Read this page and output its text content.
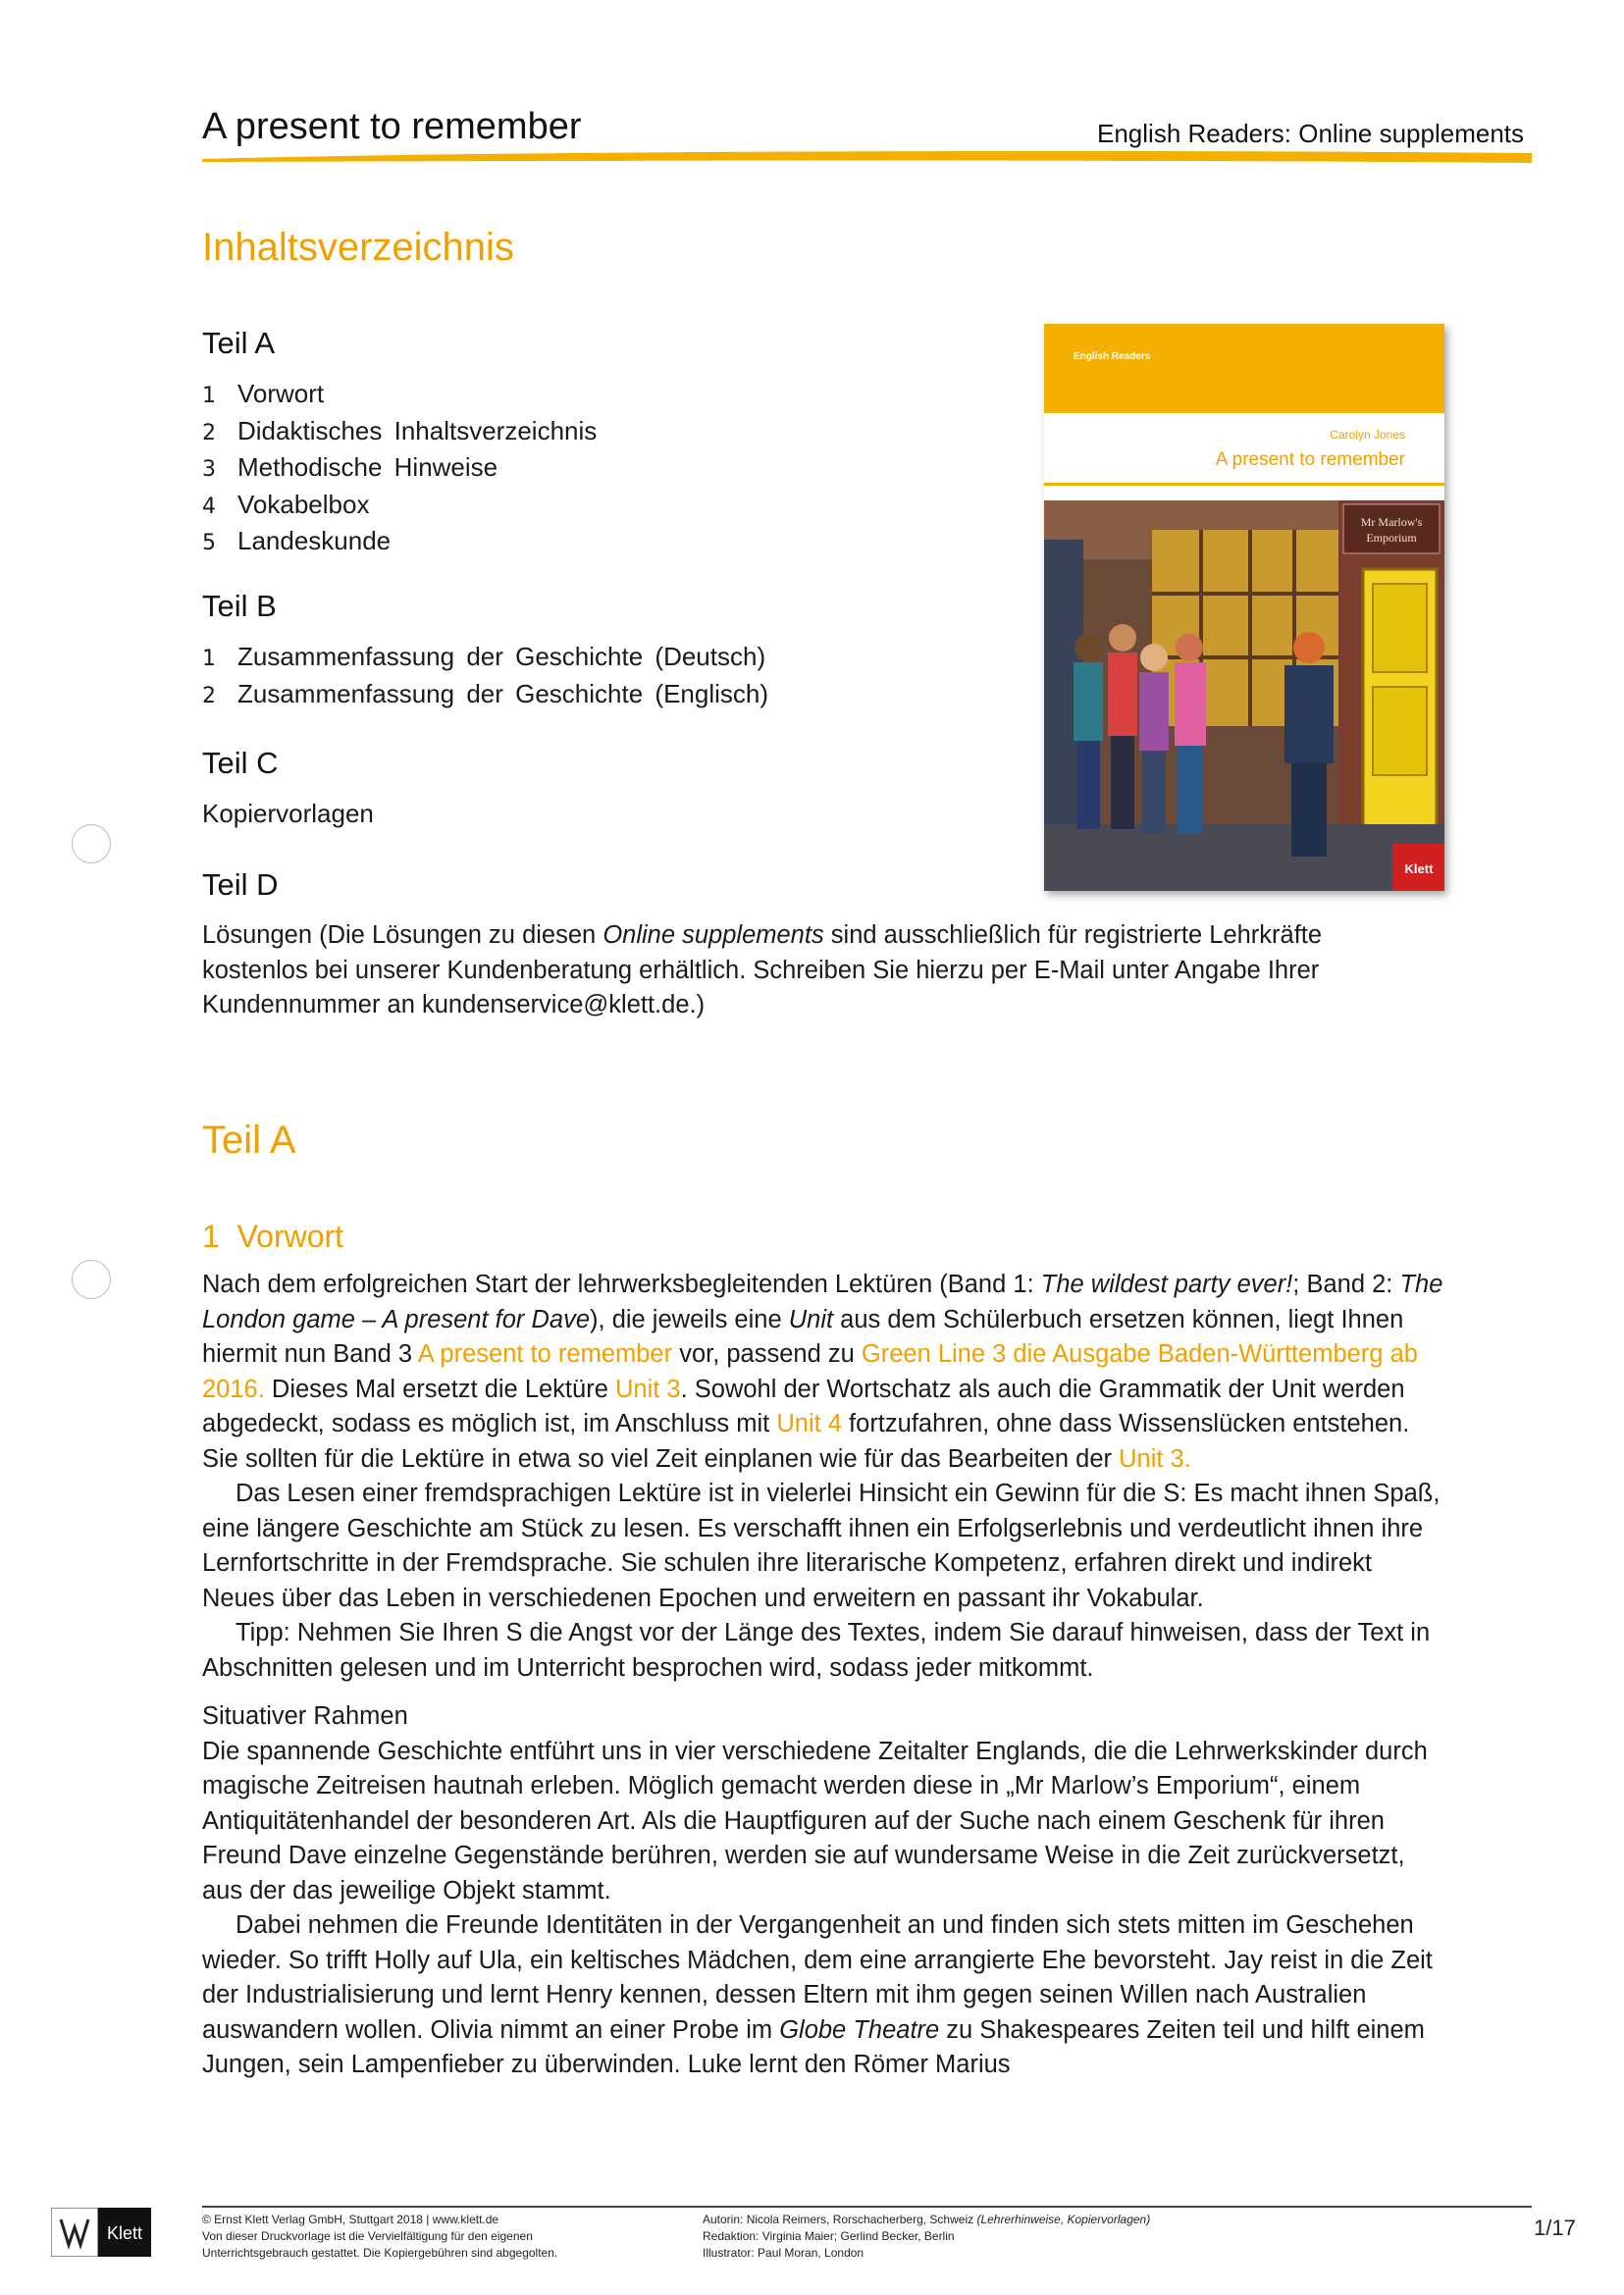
A present to remember	English Readers: Online supplements
Inhaltsverzeichnis
Teil A
1 Vorwort
2 Didaktisches Inhaltsverzeichnis
3 Methodische Hinweise
4 Vokabelbox
5 Landeskunde
Teil B
1 Zusammenfassung der Geschichte (Deutsch)
2 Zusammenfassung der Geschichte (Englisch)
Teil C
Kopiervorlagen
Teil D
Lösungen (Die Lösungen zu diesen Online supplements sind ausschließlich für registrierte Lehrkräfte kostenlos bei unserer Kundenberatung erhältlich. Schreiben Sie hierzu per E-Mail unter Angabe Ihrer Kundennummer an kundenservice@klett.de.)
English Readers
Carolyn Jones
A present to remember
Mr Marlow's
Emporium
Klett
Teil A
1 Vorwort

Nach dem erfolgreichen Start der lehrwerksbegleitenden Lektüren (Band 1: The wildest party ever!; Band 2: The London game – A present for Dave), die jeweils eine Unit aus dem Schülerbuch ersetzen können, liegt Ihnen hiermit nun Band 3 A present to remember vor, passend zu Green Line 3 die Ausgabe Baden-Württemberg ab 2016. Dieses Mal ersetzt die Lektüre Unit 3. Sowohl der Wortschatz als auch die Grammatik der Unit werden abgedeckt, sodass es möglich ist, im Anschluss mit Unit 4 fortzufahren, ohne dass Wissenslücken entstehen. Sie sollten für die Lektüre in etwa so viel Zeit einplanen wie für das Bearbeiten der Unit 3.

Das Lesen einer fremdsprachigen Lektüre ist in vielerlei Hinsicht ein Gewinn für die S: Es macht ihnen Spaß, eine längere Geschichte am Stück zu lesen. Es verschafft ihnen ein Erfolgserlebnis und verdeutlicht ihnen ihre Lernfortschritte in der Fremdsprache. Sie schulen ihre literarische Kompetenz, erfahren direkt und indirekt Neues über das Leben in verschiedenen Epochen und erweitern en passant ihr Vokabular.

Tipp: Nehmen Sie Ihren S die Angst vor der Länge des Textes, indem Sie darauf hinweisen, dass der Text in Abschnitten gelesen und im Unterricht besprochen wird, sodass jeder mitkommt.

Situativer Rahmen

Die spannende Geschichte entführt uns in vier verschiedene Zeitalter Englands, die die Lehrwerkskinder durch magische Zeitreisen hautnah erleben. Möglich gemacht werden diese in „Mr Marlow’s Emporium“, einem Antiquitätenhandel der besonderen Art. Als die Hauptfiguren auf der Suche nach einem Geschenk für ihren Freund Dave einzelne Gegenstände berühren, werden sie auf wundersame Weise in die Zeit zurückversetzt, aus der das jeweilige Objekt stammt.

Dabei nehmen die Freunde Identitäten in der Vergangenheit an und finden sich stets mitten im Geschehen wieder. So trifft Holly auf Ula, ein keltisches Mädchen, dem eine arrangierte Ehe bevorsteht. Jay reist in die Zeit der Industrialisierung und lernt Henry kennen, dessen Eltern mit ihm gegen seinen Willen nach Australien auswandern wollen. Olivia nimmt an einer Probe im Globe Theatre zu Shakespeares Zeiten teil und hilft einem Jungen, sein Lampenfieber zu überwinden. Luke lernt den Römer Marius

Klett
© Ernst Klett Verlag GmbH, Stuttgart 2018 | www.klett.de
Von dieser Druckvorlage ist die Vervielfältigung für den eigenen
Unterrichtsgebrauch gestattet. Die Kopiergebühren sind abgegolten.
Autorin: Nicola Reimers, Rorschacherberg, Schweiz (Lehrerhinweise, Kopiervorlagen)
Redaktion: Virginia Maier; Gerlind Becker, Berlin
Illustrator: Paul Moran, London
1/17
